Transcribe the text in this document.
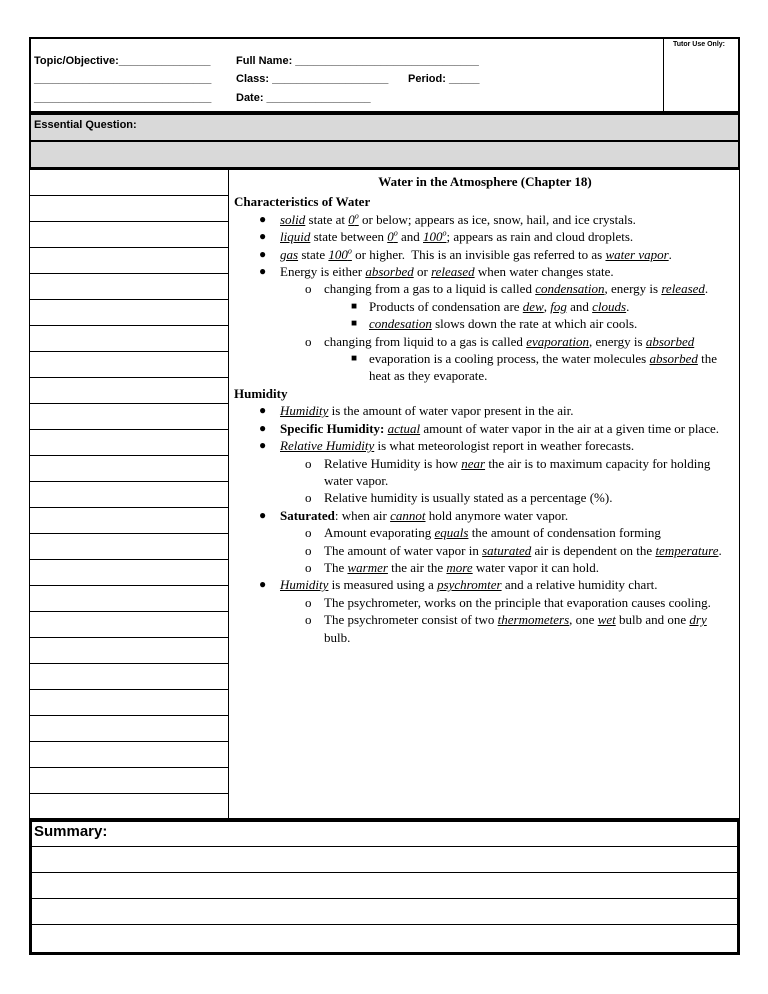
Tutor Use Only:
Topic/Objective:_______________
_____________________________
_____________________________
Full Name: ______________________________
Class: ___________________ Period: _____
Date: _________________
Essential Question:

Water in the Atmosphere (Chapter 18)

Characteristics of Water

● solid state at 0$^o$ or below; appears as ice, snow, hail, and ice crystals.
● liquid state between 0$^o$ and 100$^o$; appears as rain and cloud droplets.
● gas state 100$^o$ or higher.  This is an invisible gas referred to as water vapor.
● Energy is either absorbed or released when water changes state.
o changing from a gas to a liquid is called condensation, energy is released.
■ Products of condensation are dew, fog and clouds.
■ condesation slows down the rate at which air cools.
o changing from liquid to a gas is called evaporation, energy is absorbed
■ evaporation is a cooling process, the water molecules absorbed the heat as they evaporate.

Humidity

● Humidity is the amount of water vapor present in the air.
● Specific Humidity: actual amount of water vapor in the air at a given time or place.
● Relative Humidity is what meteorologist report in weather forecasts.
o Relative Humidity is how near the air is to maximum capacity for holding water vapor.
o Relative humidity is usually stated as a percentage (%).
● Saturated: when air cannot hold anymore water vapor.
o Amount evaporating equals the amount of condensation forming
o The amount of water vapor in saturated air is dependent on the temperature.
o The warmer the air the more water vapor it can hold.
● Humidity is measured using a psychromter and a relative humidity chart.
o The psychrometer, works on the principle that evaporation causes cooling.
o The psychrometer consist of two thermometers, one wet bulb and one dry bulb.
Summary:
